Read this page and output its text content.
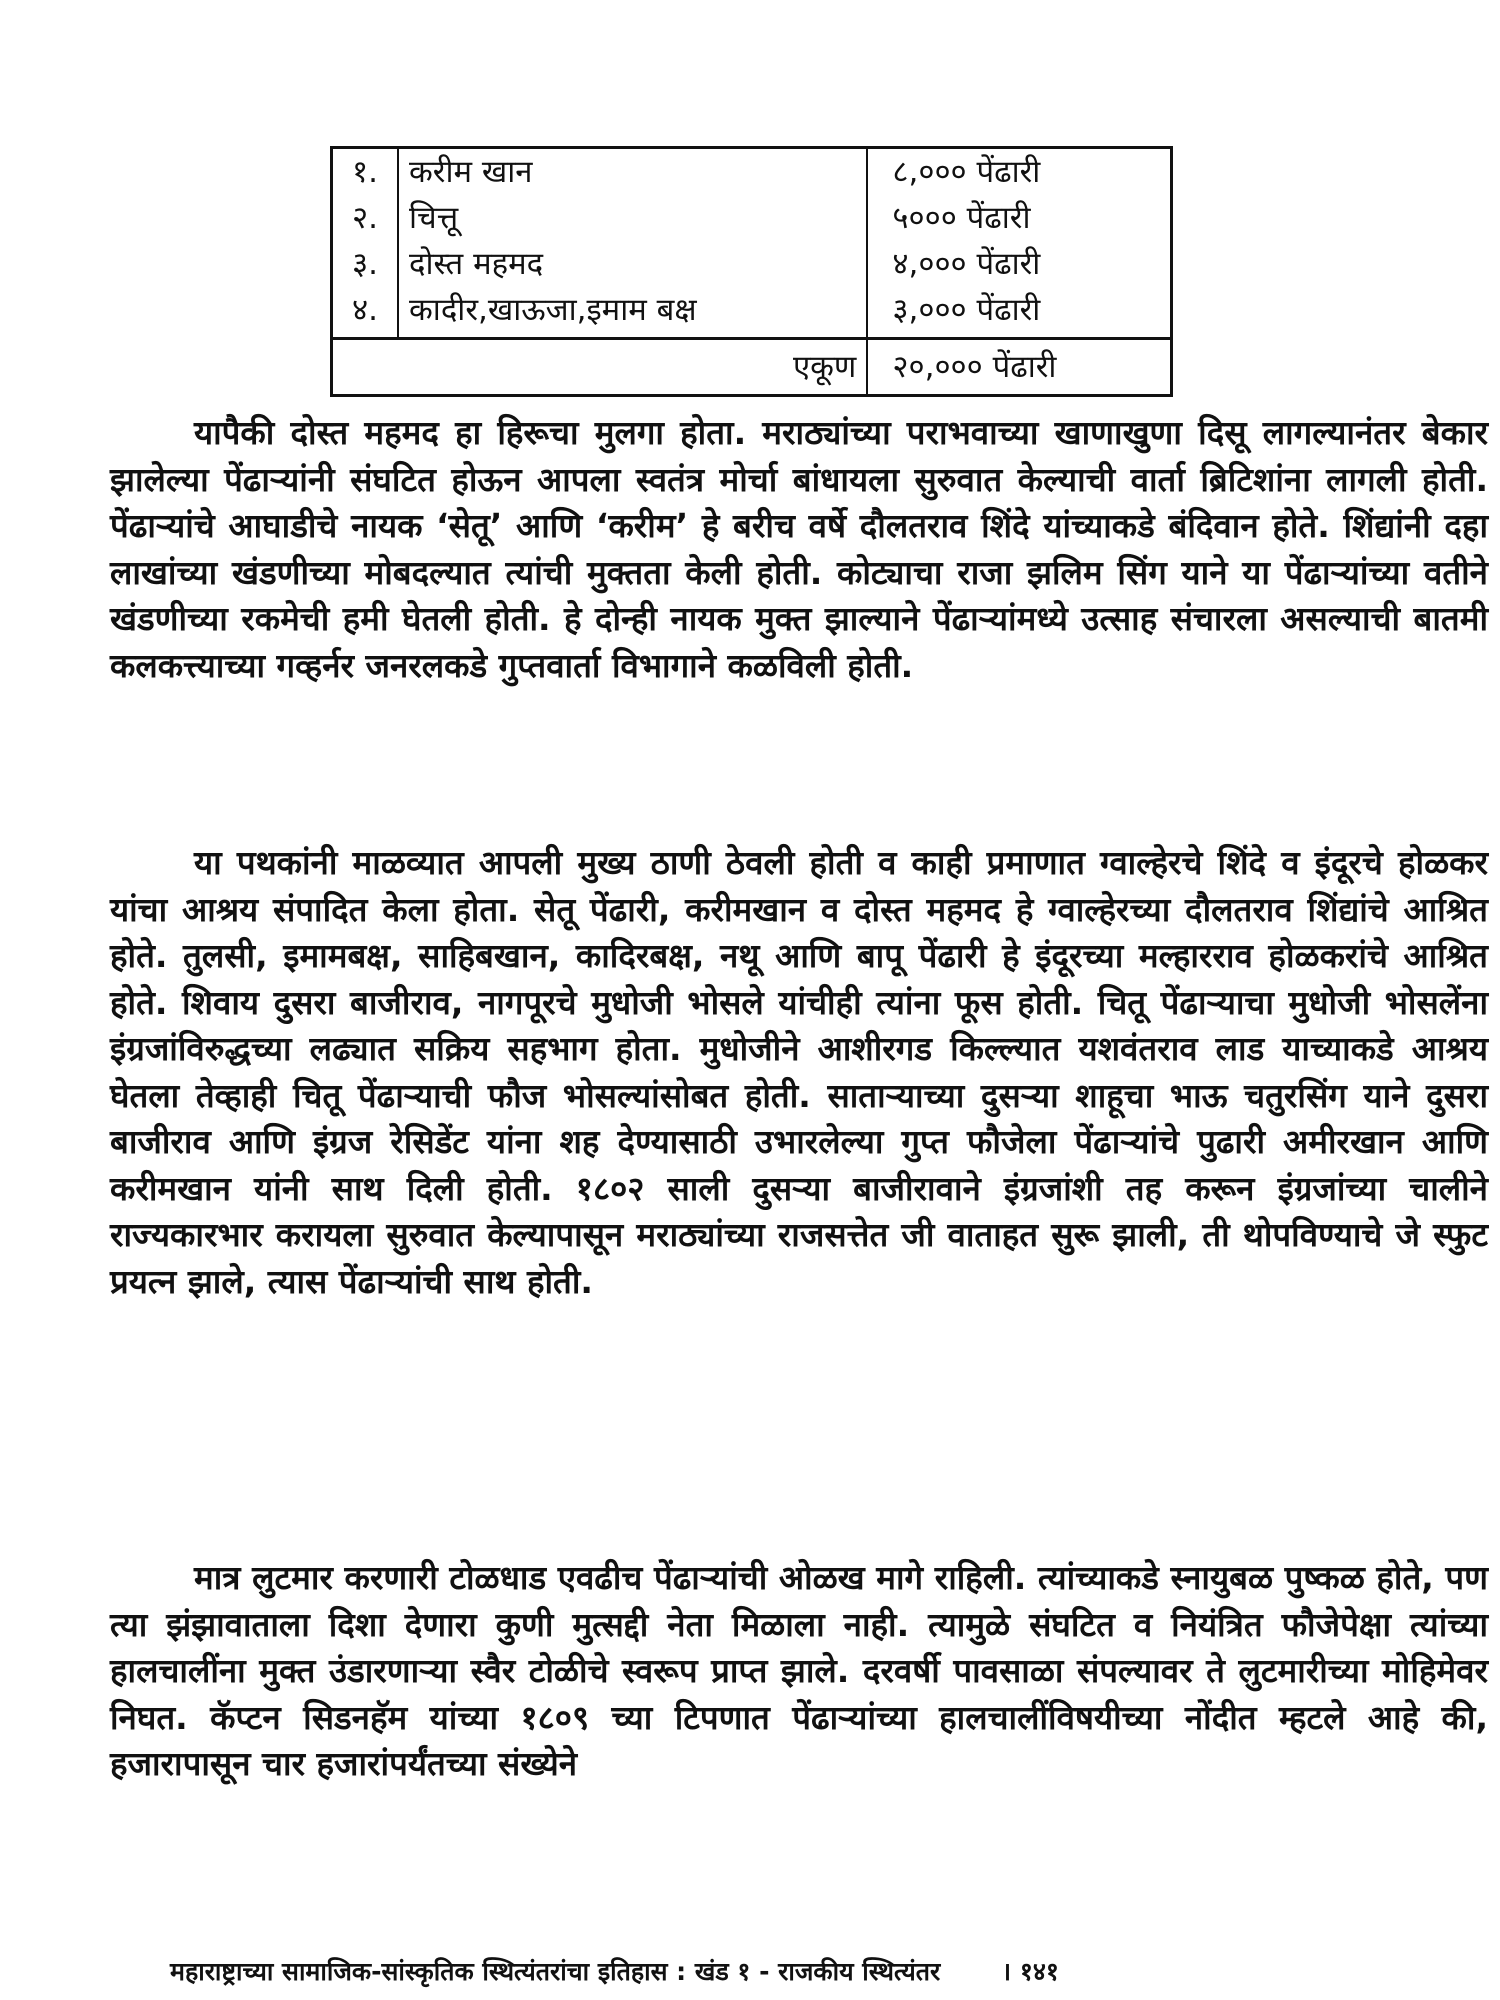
१.	करीम खान	८,००० पेंढारी
२.	चित्तू	५००० पेंढारी
३.	दोस्त महमद	४,००० पेंढारी
४.	कादीर,खाऊजा,इमाम बक्ष	३,००० पेंढारी
एकूण		२०,००० पेंढारी

यापैकी दोस्त महमद हा हिरूचा मुलगा होता. मराठ्यांच्या पराभवाच्या खाणाखुणा दिसू लागल्यानंतर बेकार झालेल्या पेंढाऱ्यांनी संघटित होऊन आपला स्वतंत्र मोर्चा बांधायला सुरुवात केल्याची वार्ता ब्रिटिशांना लागली होती. पेंढाऱ्यांचे आघाडीचे नायक ‘सेतू’ आणि ‘करीम’ हे बरीच वर्षे दौलतराव शिंदे यांच्याकडे बंदिवान होते. शिंद्यांनी दहा लाखांच्या खंडणीच्या मोबदल्यात त्यांची मुक्तता केली होती. कोट्याचा राजा झलिम सिंग याने या पेंढाऱ्यांच्या वतीने खंडणीच्या रकमेची हमी घेतली होती. हे दोन्ही नायक मुक्त झाल्याने पेंढाऱ्यांमध्ये उत्साह संचारला असल्याची बातमी कलकत्त्याच्या गव्हर्नर जनरलकडे गुप्तवार्ता विभागाने कळविली होती.

या पथकांनी माळव्यात आपली मुख्य ठाणी ठेवली होती व काही प्रमाणात ग्वाल्हेरचे शिंदे व इंदूरचे होळकर यांचा आश्रय संपादित केला होता. सेतू पेंढारी, करीमखान व दोस्त महमद हे ग्वाल्हेरच्या दौलतराव शिंद्यांचे आश्रित होते. तुलसी, इमामबक्ष, साहिबखान, कादिरबक्ष, नथू आणि बापू पेंढारी हे इंदूरच्या मल्हारराव होळकरांचे आश्रित होते. शिवाय दुसरा बाजीराव, नागपूरचे मुधोजी भोसले यांचीही त्यांना फूस होती. चितू पेंढाऱ्याचा मुधोजी भोसलेंना इंग्रजांविरुद्धच्या लढ्यात सक्रिय सहभाग होता. मुधोजीने आशीरगड किल्ल्यात यशवंतराव लाड याच्याकडे आश्रय घेतला तेव्हाही चितू पेंढाऱ्याची फौज भोसल्यांसोबत होती. साताऱ्याच्या दुसऱ्या शाहूचा भाऊ चतुरसिंग याने दुसरा बाजीराव आणि इंग्रज रेसिडेंट यांना शह देण्यासाठी उभारलेल्या गुप्त फौजेला पेंढाऱ्यांचे पुढारी अमीरखान आणि करीमखान यांनी साथ दिली होती. १८०२ साली दुसऱ्या बाजीरावाने इंग्रजांशी तह करून इंग्रजांच्या चालीने राज्यकारभार करायला सुरुवात केल्यापासून मराठ्यांच्या राजसत्तेत जी वाताहत सुरू झाली, ती थोपविण्याचे जे स्फुट प्रयत्न झाले, त्यास पेंढाऱ्यांची साथ होती.

मात्र लुटमार करणारी टोळधाड एवढीच पेंढाऱ्यांची ओळख मागे राहिली. त्यांच्याकडे स्नायुबळ पुष्कळ होते, पण त्या झंझावाताला दिशा देणारा कुणी मुत्सद्दी नेता मिळाला नाही. त्यामुळे संघटित व नियंत्रित फौजेपेक्षा त्यांच्या हालचालींना मुक्त उंडारणाऱ्या स्वैर टोळीचे स्वरूप प्राप्त झाले. दरवर्षी पावसाळा संपल्यावर ते लुटमारीच्या मोहिमेवर निघत. कॅप्टन सिडनहॅम यांच्या १८०९ च्या टिपणात पेंढाऱ्यांच्या हालचालींविषयीच्या नोंदीत म्हटले आहे की, हजारापासून चार हजारांपर्यंतच्या संख्येने

महाराष्ट्राच्या सामाजिक-सांस्कृतिक स्थित्यंतरांचा इतिहास : खंड १ - राजकीय स्थित्यंतर । १४१
